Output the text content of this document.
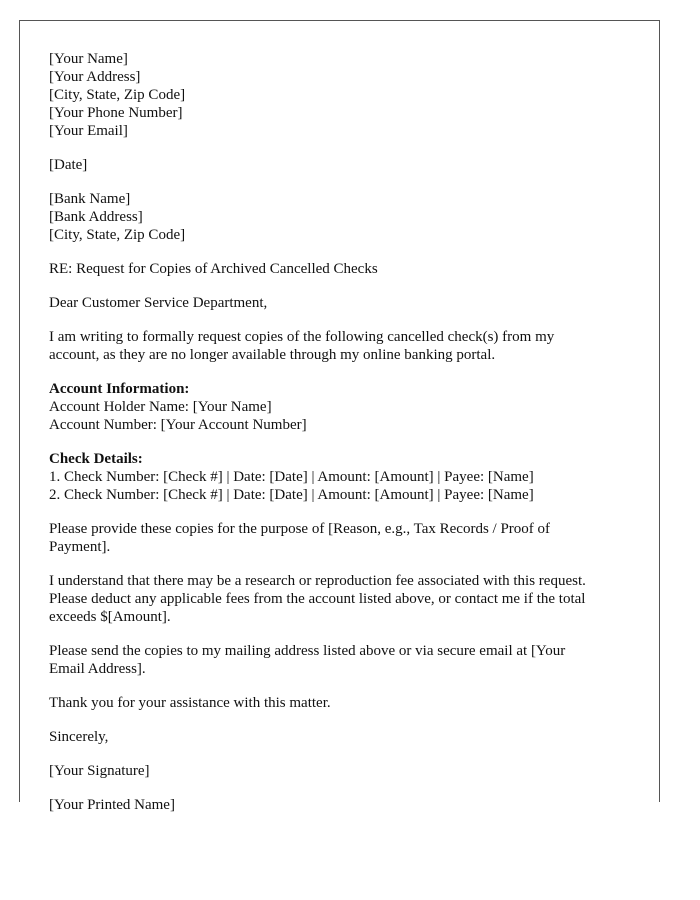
[Your Name]
[Your Address]
[City, State, Zip Code]
[Your Phone Number]
[Your Email]
[Date]
[Bank Name]
[Bank Address]
[City, State, Zip Code]
RE: Request for Copies of Archived Cancelled Checks
Dear Customer Service Department,
I am writing to formally request copies of the following cancelled check(s) from my
account, as they are no longer available through my online banking portal.
Account Information:
Account Holder Name: [Your Name]
Account Number: [Your Account Number]
Check Details:
1. Check Number: [Check #] | Date: [Date] | Amount: [Amount] | Payee: [Name]
2. Check Number: [Check #] | Date: [Date] | Amount: [Amount] | Payee: [Name]
Please provide these copies for the purpose of [Reason, e.g., Tax Records / Proof of
Payment].
I understand that there may be a research or reproduction fee associated with this request.
Please deduct any applicable fees from the account listed above, or contact me if the total
exceeds $[Amount].
Please send the copies to my mailing address listed above or via secure email at [Your
Email Address].
Thank you for your assistance with this matter.
Sincerely,
[Your Signature]
[Your Printed Name]
